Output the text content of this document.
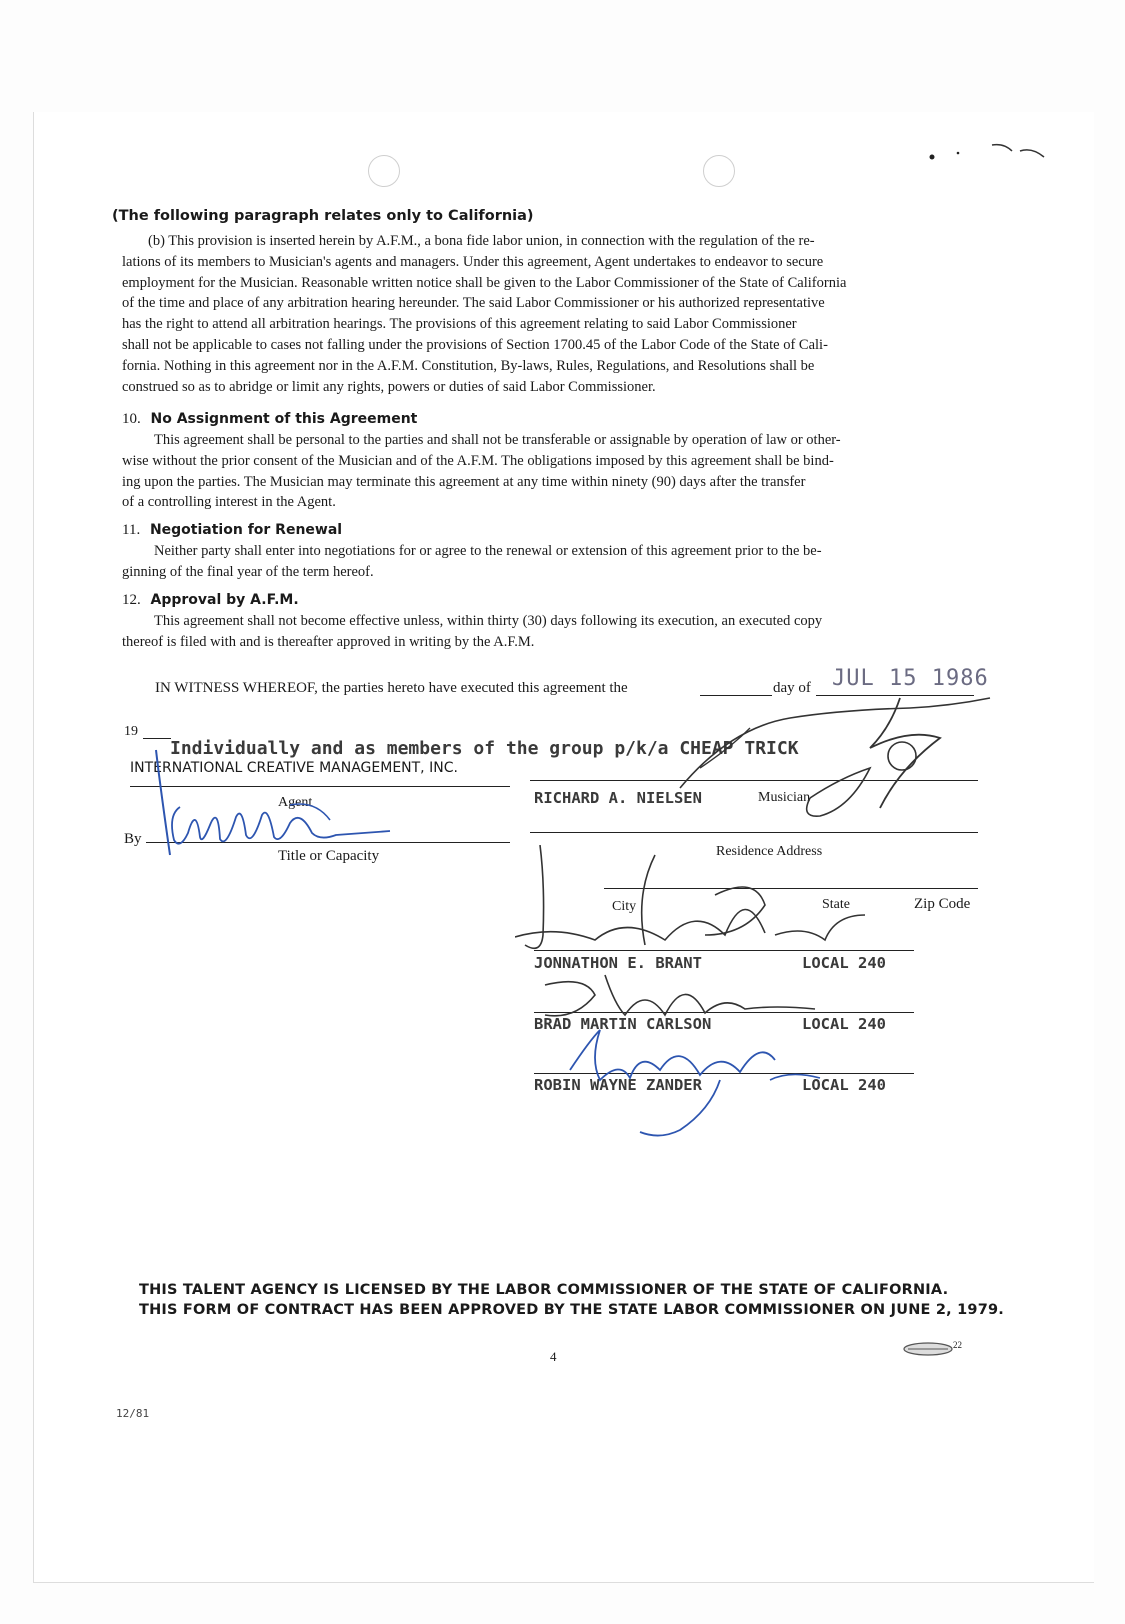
(The following paragraph relates only to California)
(b) This provision is inserted herein by A.F.M., a bona fide labor union, in connection with the regulation of the re-
lations of its members to Musician's agents and managers. Under this agreement, Agent undertakes to endeavor to secure
employment for the Musician. Reasonable written notice shall be given to the Labor Commissioner of the State of California
of the time and place of any arbitration hearing hereunder. The said Labor Commissioner or his authorized representative
has the right to attend all arbitration hearings. The provisions of this agreement relating to said Labor Commissioner
shall not be applicable to cases not falling under the provisions of Section 1700.45 of the Labor Code of the State of Cali-
fornia. Nothing in this agreement nor in the A.F.M. Constitution, By-laws, Rules, Regulations, and Resolutions shall be
construed so as to abridge or limit any rights, powers or duties of said Labor Commissioner.
10. No Assignment of this Agreement
This agreement shall be personal to the parties and shall not be transferable or assignable by operation of law or other-
wise without the prior consent of the Musician and of the A.F.M. The obligations imposed by this agreement shall be bind-
ing upon the parties. The Musician may terminate this agreement at any time within ninety (90) days after the transfer
of a controlling interest in the Agent.
11. Negotiation for Renewal
Neither party shall enter into negotiations for or agree to the renewal or extension of this agreement prior to the be-
ginning of the final year of the term hereof.
12. Approval by A.F.M.
This agreement shall not become effective unless, within thirty (30) days following its execution, an executed copy
thereof is filed with and is thereafter approved in writing by the A.F.M.
IN WITNESS WHEREOF, the parties hereto have executed this agreement the	day of JUL 15 1986
19
Individually and as members of the group p/k/a CHEAP TRICK
INTERNATIONAL CREATIVE MANAGEMENT, INC.
Agent
By
Title or Capacity
RICHARD A. NIELSEN	Musician
Residence Address
City	State	Zip Code
JONNATHON E. BRANT	LOCAL 240
BRAD MARTIN CARLSON	LOCAL 240
ROBIN WAYNE ZANDER	LOCAL 240
THIS TALENT AGENCY IS LICENSED BY THE LABOR COMMISSIONER OF THE STATE OF CALIFORNIA.
THIS FORM OF CONTRACT HAS BEEN APPROVED BY THE STATE LABOR COMMISSIONER ON JUNE 2, 1979.
4
22
12/81
